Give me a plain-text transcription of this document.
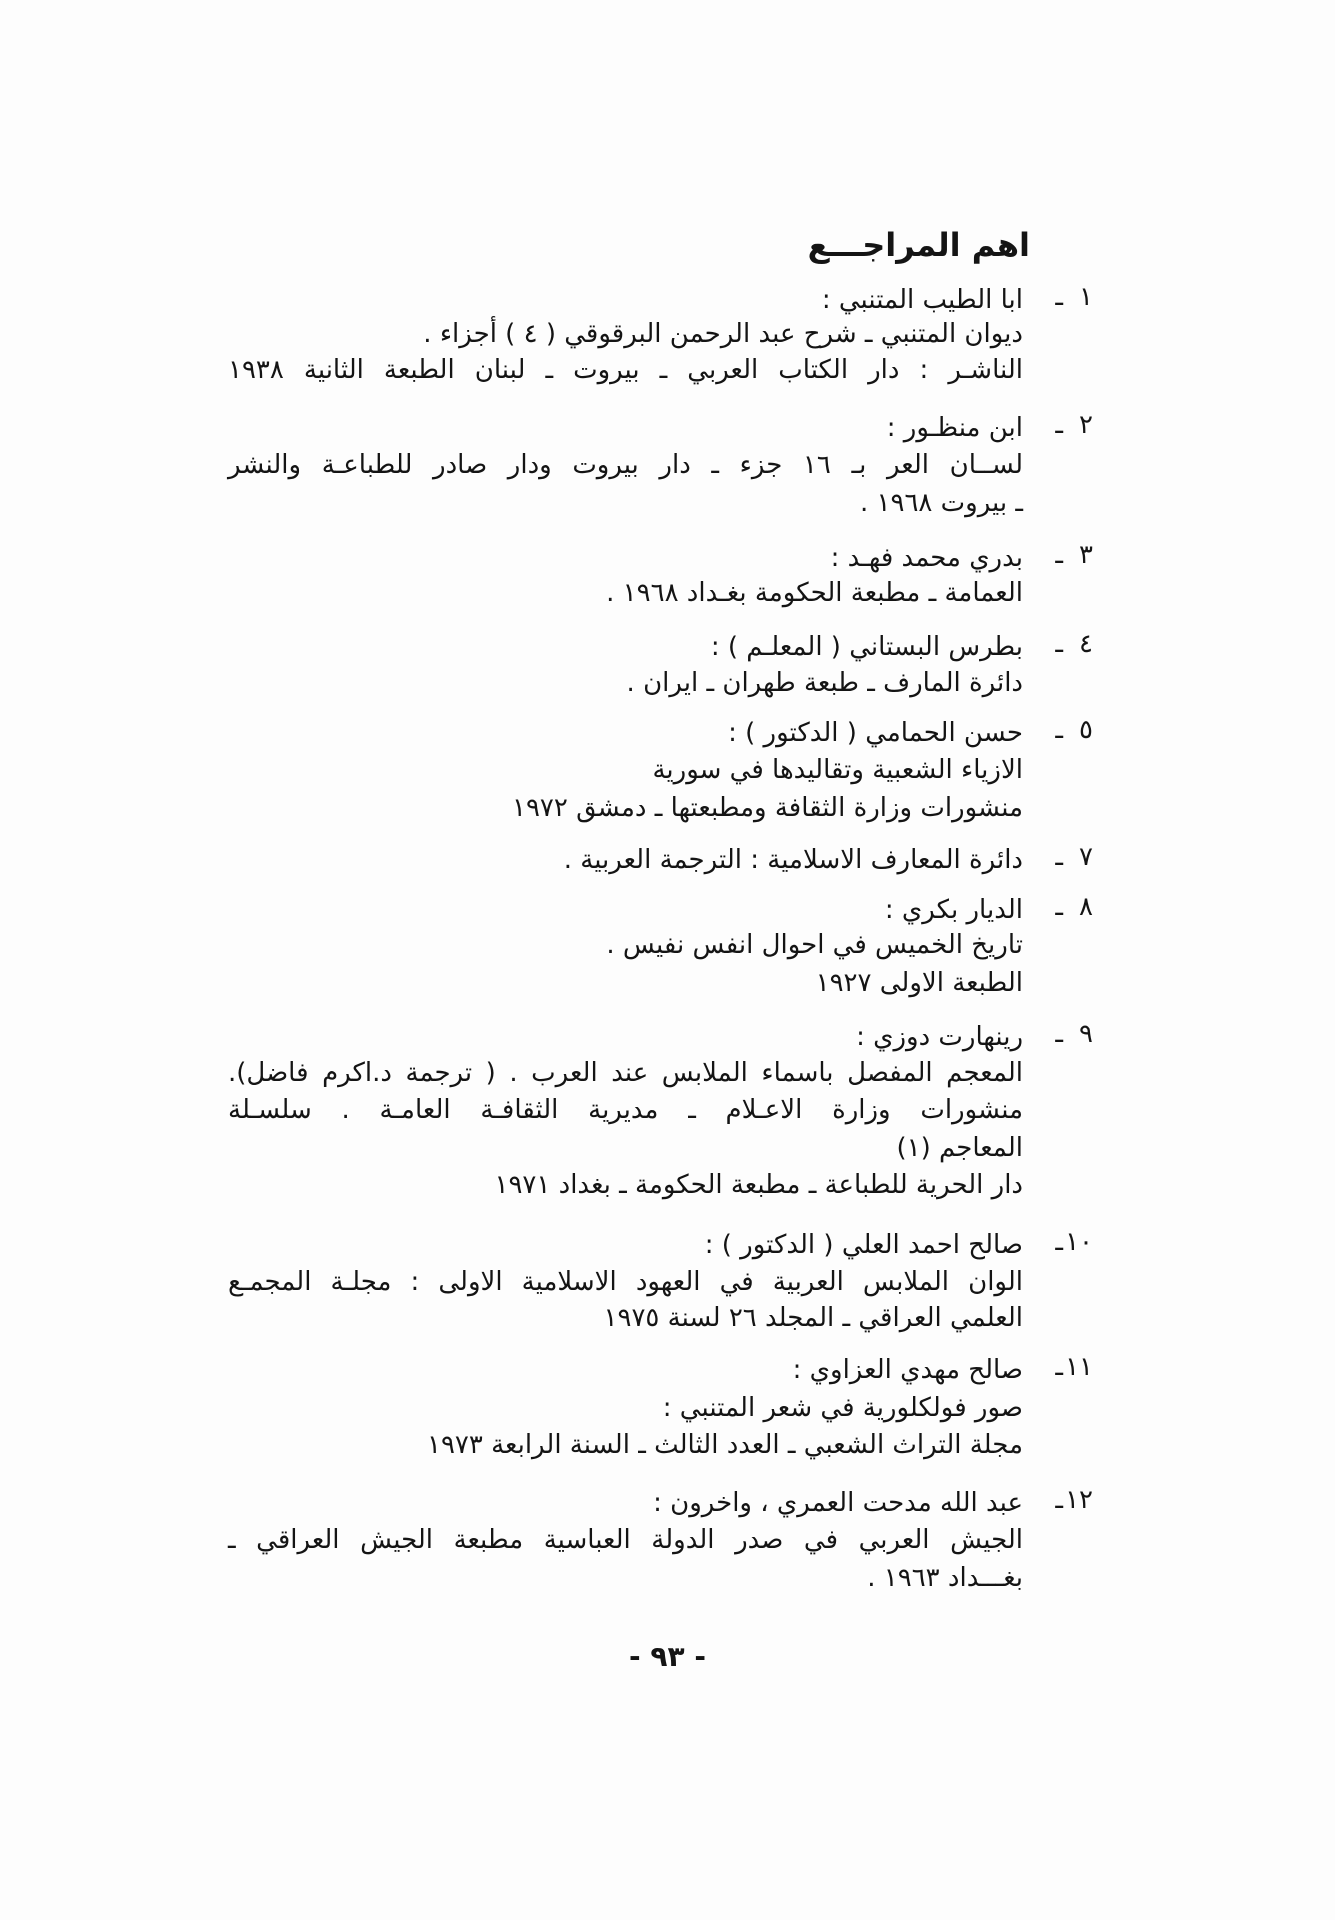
اهم المراجـــع
١
ـ
ابا الطيب المتنبي :
ديوان المتنبي ـ شرح عبد الرحمن البرقوقي ( ٤ ) أجزاء .
الناشـر : دار الكتاب العربي ـ بيروت ـ لبنان الطبعة الثانية ١٩٣٨
٢
ـ
ابن منظـور :
لســان العر بـ ١٦ جزء ـ دار بيروت ودار صادر للطباعـة والنشر
ـ بيروت ١٩٦٨ .
٣
ـ
بدري محمد فهـد :
العمامة ـ مطبعة الحكومة بغـداد ١٩٦٨ .
٤
ـ
بطرس البستاني ( المعلـم ) :
دائرة المارف ـ طبعة طهران ـ ايران .
٥
ـ
حسن الحمامي ( الدكتور ) :
الازياء الشعبية وتقاليدها في سورية
منشورات وزارة الثقافة ومطبعتها ـ دمشق ١٩٧٢
٧
ـ
دائرة المعارف الاسلامية : الترجمة العربية .
٨
ـ
الديار بكري :
تاريخ الخميس في احوال انفس نفيس .
الطبعة الاولى ١٩٢٧
٩
ـ
رينهارت دوزي :
المعجم المفصل باسماء الملابس عند العرب . ( ترجمة د.اكرم فاضل).
منشورات وزارة الاعـلام ـ مديرية الثقافـة العامـة . سلسـلة
المعاجم (١)
دار الحرية للطباعة ـ مطبعة الحكومة ـ بغداد ١٩٧١
١٠
ـ
صالح احمد العلي ( الدكتور ) :
الوان الملابس العربية في العهود الاسلامية الاولى : مجلـة المجمـع
العلمي العراقي ـ المجلد ٢٦ لسنة ١٩٧٥
١١
ـ
صالح مهدي العزاوي :
صور فولكلورية في شعر المتنبي :
مجلة التراث الشعبي ـ العدد الثالث ـ السنة الرابعة ١٩٧٣
١٢
ـ
عبد الله مدحت العمري ، واخرون :
الجيش العربي في صدر الدولة العباسية مطبعة الجيش العراقي ـ
بغـــداد ١٩٦٣ .
- ٩٣ -
